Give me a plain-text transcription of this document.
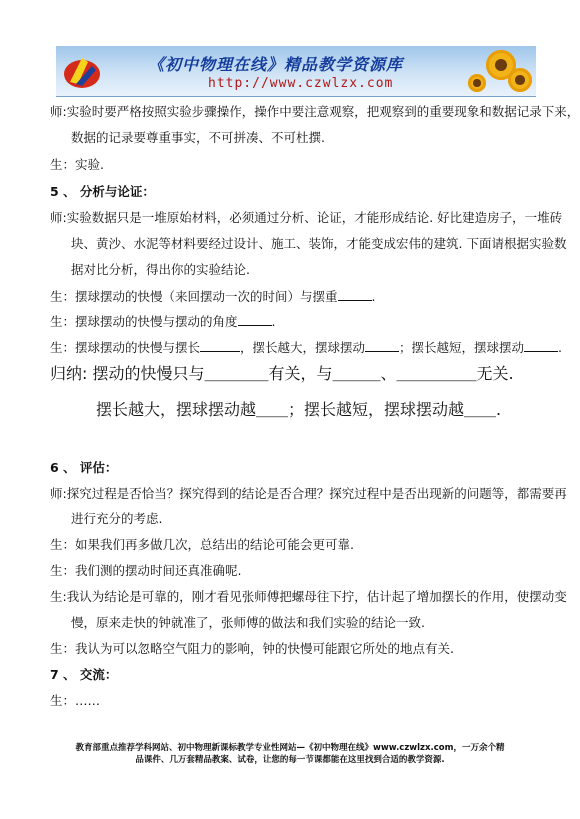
《初中物理在线》精品教学资源库
http://www.czwlzx.com
师:实验时要严格按照实验步骤操作，操作中要注意观察，把观察到的重要现象和数据记录下来，
数据的记录要尊重事实，不可拼凑、不可杜撰.
生：实验.
5 、 分析与论证：
师:实验数据只是一堆原始材料，必须通过分析、论证，才能形成结论. 好比建造房子，一堆砖
块、黄沙、水泥等材料要经过设计、施工、装饰，才能变成宏伟的建筑. 下面请根据实验数
据对比分析，得出你的实验结论.
生：摆球摆动的快慢（来回摆动一次的时间）与摆重	.
生：摆球摆动的快慢与摆动的角度	.
生：摆球摆动的快慢与摆长	，摆长越大，摆球摆动	；摆长越短，摆球摆动	.
归纳: 摆动的快慢只与＿＿＿＿有关，与＿＿＿、＿＿＿＿＿无关.
摆长越大，摆球摆动越＿＿；摆长越短，摆球摆动越＿＿.
6 、 评估：
师:探究过程是否恰当？探究得到的结论是否合理？探究过程中是否出现新的问题等，都需要再
进行充分的考虑.
生：如果我们再多做几次，总结出的结论可能会更可靠.
生：我们测的摆动时间还真准确呢.
生:我认为结论是可靠的，刚才看见张师傅把螺母往下拧，估计起了增加摆长的作用，使摆动变
慢，原来走快的钟就准了，张师傅的做法和我们实验的结论一致.
生：我认为可以忽略空气阻力的影响，钟的快慢可能跟它所处的地点有关.
7 、 交流：
生：……
教育部重点推荐学科网站、初中物理新课标教学专业性网站—《初中物理在线》www.czwlzx.com，一万余个精
品课件、几万套精品教案、试卷，让您的每一节课都能在这里找到合适的教学资源.
